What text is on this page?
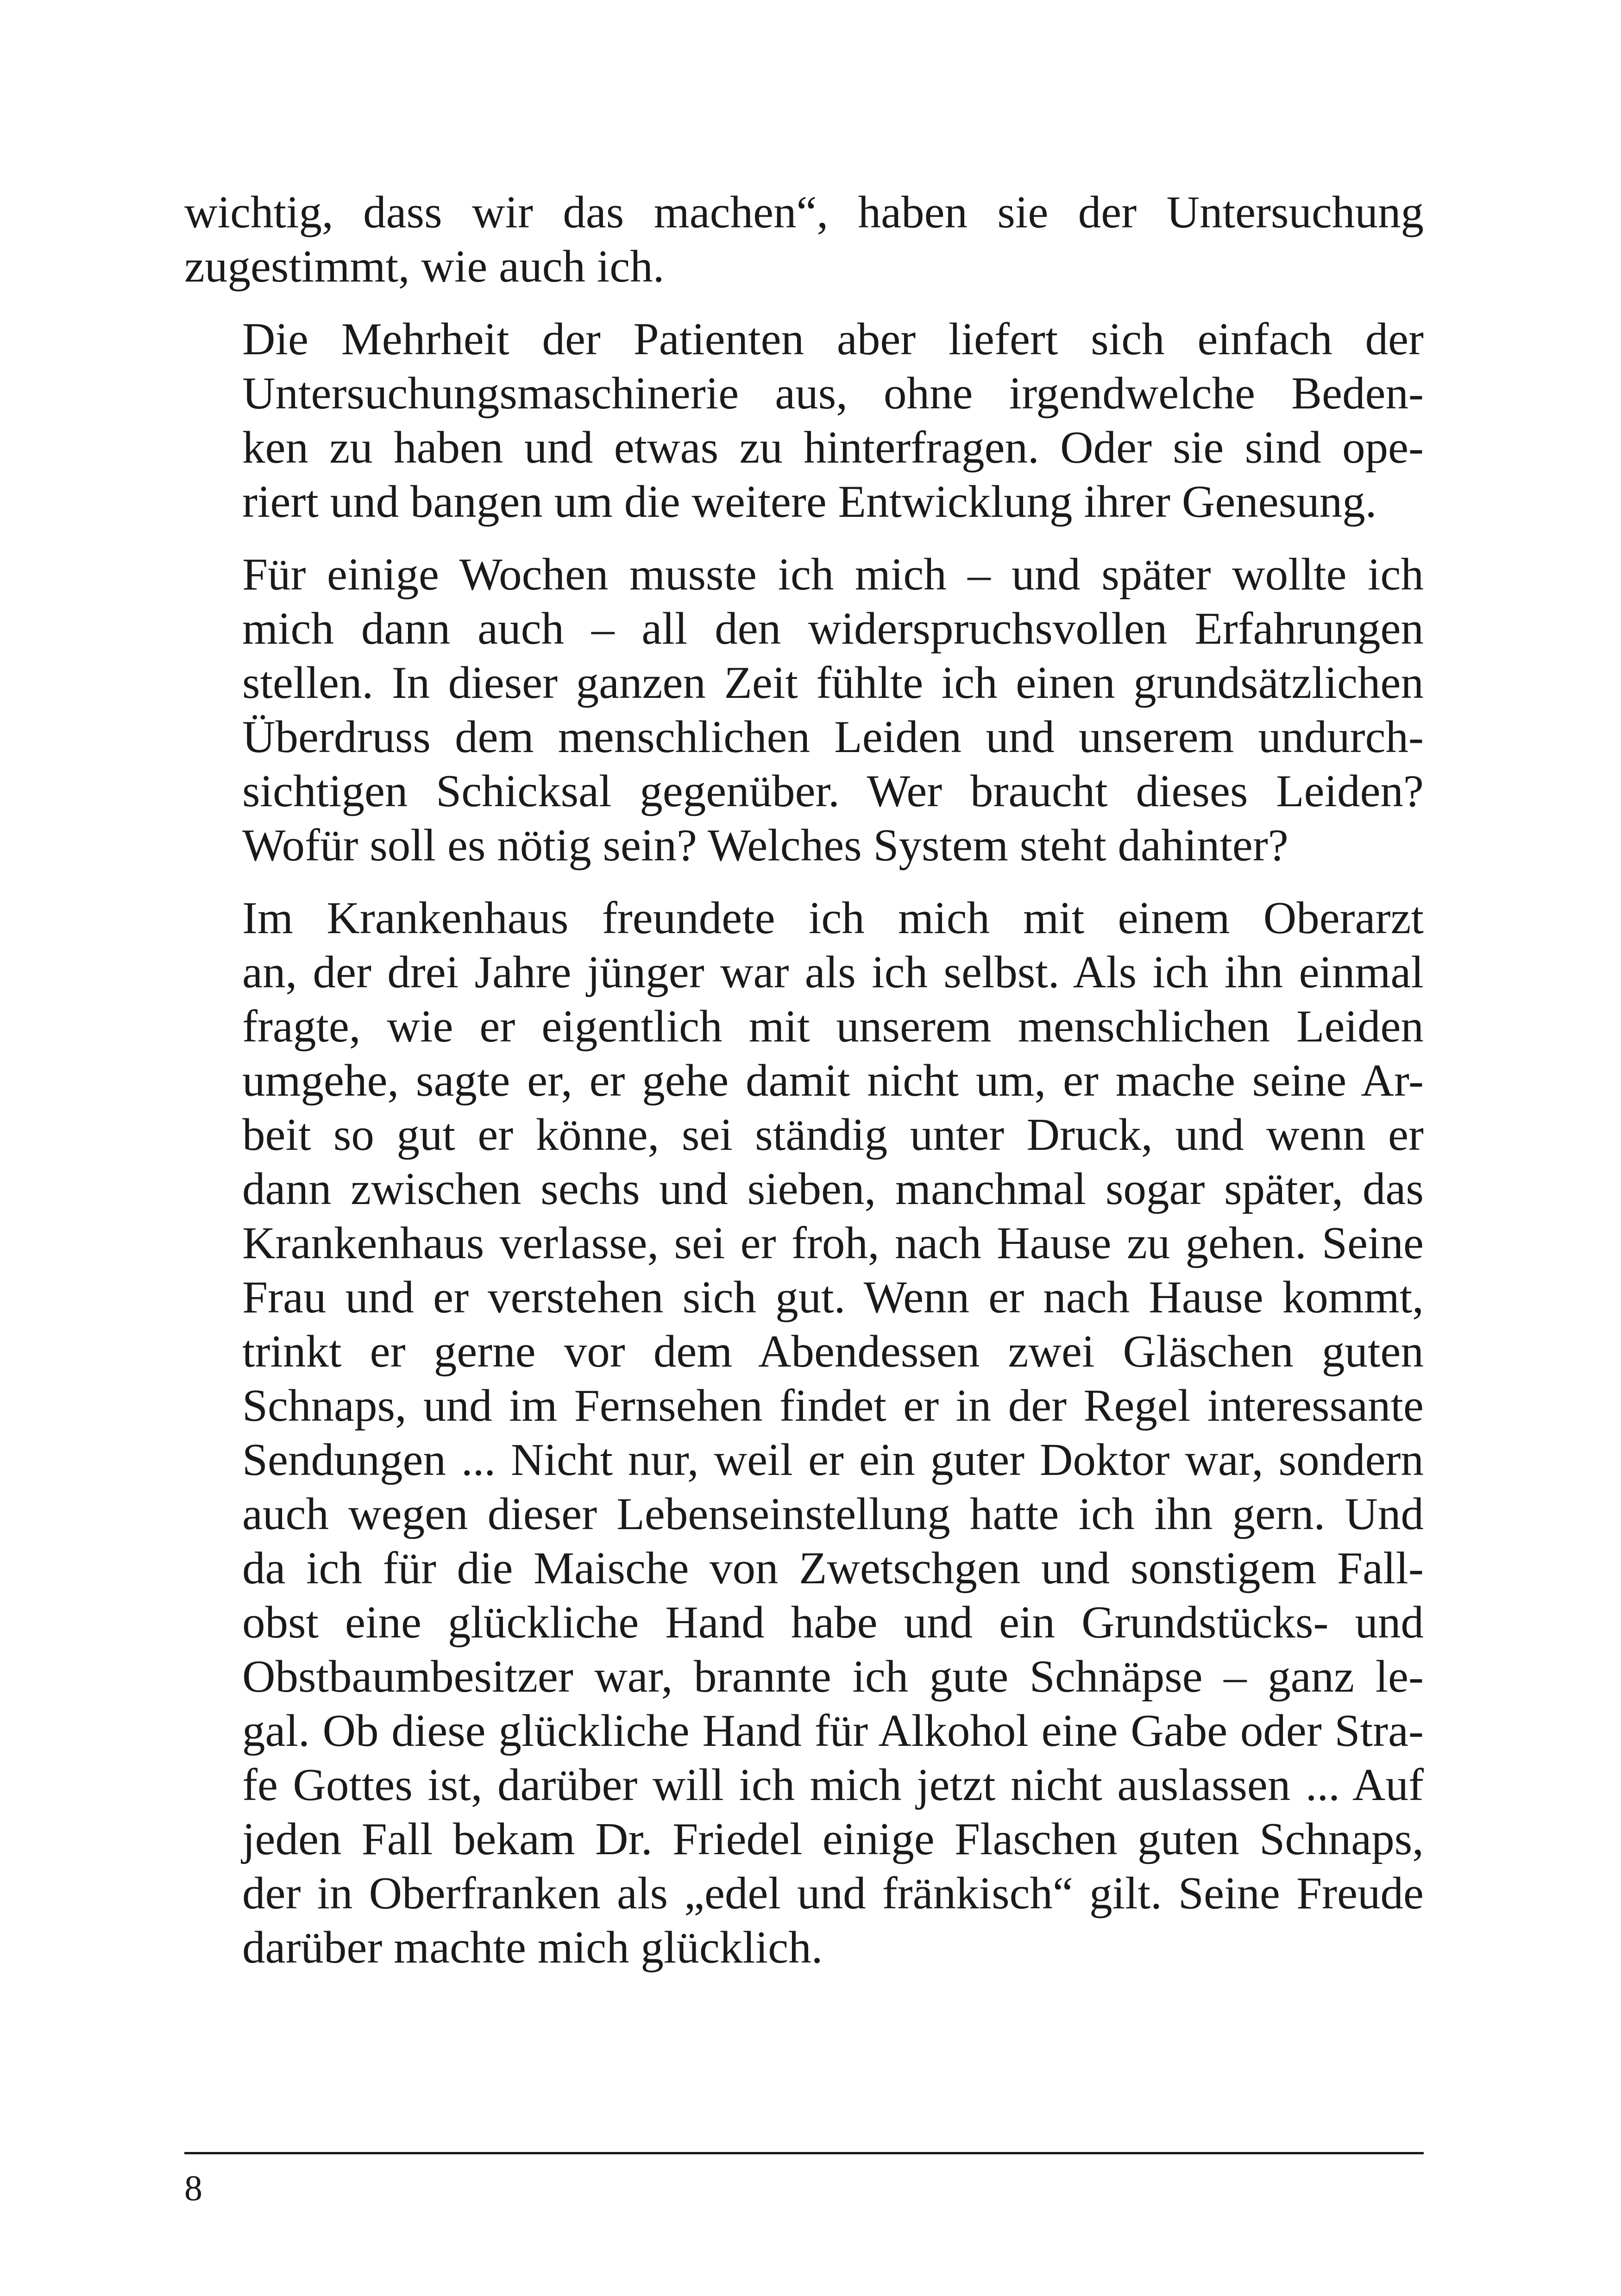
wichtig, dass wir das machen“, haben sie der Untersuchung
zugestimmt, wie auch ich.
Die Mehrheit der Patienten aber liefert sich einfach der
Untersuchungsmaschinerie aus, ohne irgendwelche Beden-
ken zu haben und etwas zu hinterfragen. Oder sie sind ope-
riert und bangen um die weitere Entwicklung ihrer Genesung.
Für einige Wochen musste ich mich – und später wollte ich
mich dann auch – all den widerspruchsvollen Erfahrungen
stellen. In dieser ganzen Zeit fühlte ich einen grundsätzlichen
Überdruss dem menschlichen Leiden und unserem undurch-
sichtigen Schicksal gegenüber. Wer braucht dieses Leiden?
Wofür soll es nötig sein? Welches System steht dahinter?
Im Krankenhaus freundete ich mich mit einem Oberarzt
an, der drei Jahre jünger war als ich selbst. Als ich ihn einmal
fragte, wie er eigentlich mit unserem menschlichen Leiden
umgehe, sagte er, er gehe damit nicht um, er mache seine Ar-
beit so gut er könne, sei ständig unter Druck, und wenn er
dann zwischen sechs und sieben, manchmal sogar später, das
Krankenhaus verlasse, sei er froh, nach Hause zu gehen. Seine
Frau und er verstehen sich gut. Wenn er nach Hause kommt,
trinkt er gerne vor dem Abendessen zwei Gläschen guten
Schnaps, und im Fernsehen findet er in der Regel interessante
Sendungen ... Nicht nur, weil er ein guter Doktor war, sondern
auch wegen dieser Lebenseinstellung hatte ich ihn gern. Und
da ich für die Maische von Zwetschgen und sonstigem Fall-
obst eine glückliche Hand habe und ein Grundstücks- und
Obstbaumbesitzer war, brannte ich gute Schnäpse – ganz le-
gal. Ob diese glückliche Hand für Alkohol eine Gabe oder Stra-
fe Gottes ist, darüber will ich mich jetzt nicht auslassen ... Auf
jeden Fall bekam Dr. Friedel einige Flaschen guten Schnaps,
der in Oberfranken als „edel und fränkisch“ gilt. Seine Freude
darüber machte mich glücklich.
8
